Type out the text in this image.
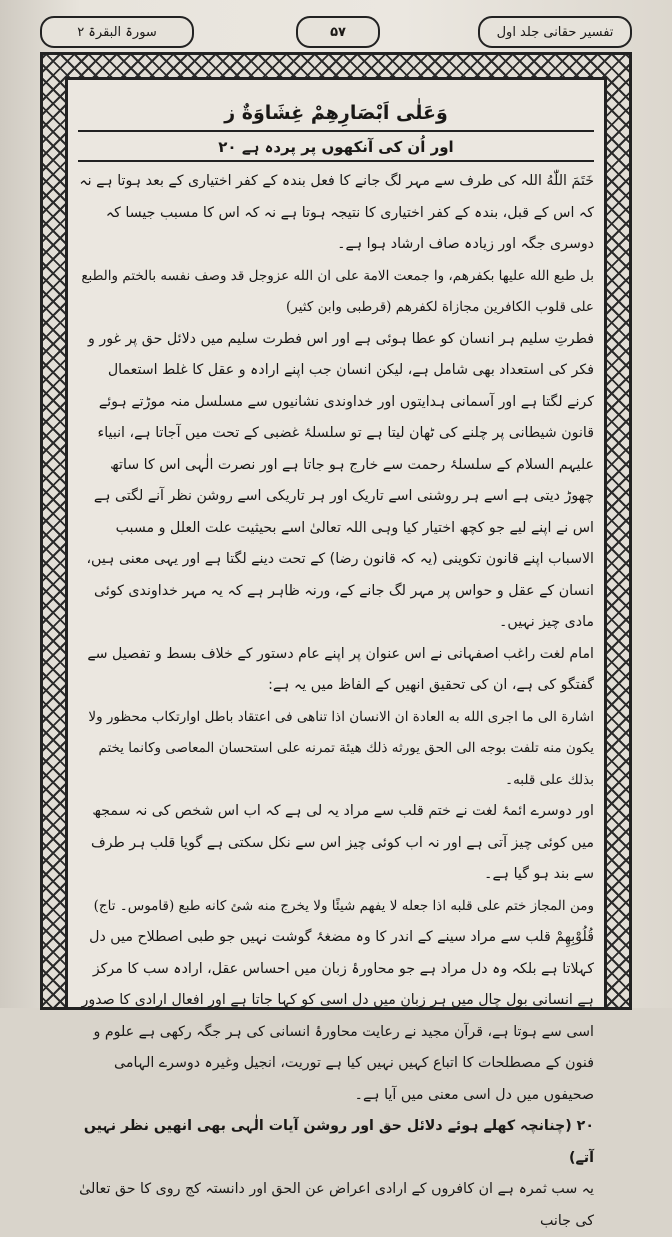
سورۃ البقرۃ ۲	۵۷	تفسیر حقانی جلد اول
وَعَلٰى اَبْصَارِهِمْ غِشَاوَةٌ ز
اور اُن کی آنکھوں پر پردہ ہے ۲۰

خَتَمَ اللّٰهُ اللہ کی طرف سے مہر لگ جانے کا فعل بندہ کے کفر اختیاری کے بعد ہوتا ہے نہ کہ اس کے قبل، بندہ کے کفر اختیاری کا نتیجہ ہوتا ہے نہ کہ اس کا مسبب جیسا کہ دوسری جگہ اور زیادہ صاف ارشاد ہوا ہے۔

بل طبع الله عليها بكفرهم، وا جمعت الامة على ان الله عزوجل قد وصف نفسه بالختم والطبع على قلوب الكافرين مجازاة لكفرهم (قرطبی وابن کثیر)

فطرتِ سلیم ہر انسان کو عطا ہوئی ہے اور اس فطرت سلیم میں دلائل حق پر غور و فکر کی استعداد بھی شامل ہے، لیکن انسان جب اپنے ارادہ و عقل کا غلط استعمال کرنے لگتا ہے اور آسمانی ہدایتوں اور خداوندی نشانیوں سے مسلسل منہ موڑتے ہوئے قانون شیطانی پر چلنے کی ٹھان لیتا ہے تو سلسلۂ غضبی کے تحت میں آجاتا ہے، انبیاء علیہم السلام کے سلسلۂ رحمت سے خارج ہو جاتا ہے اور نصرت الٰہی اس کا ساتھ چھوڑ دیتی ہے اسے ہر روشنی اسے تاریک اور ہر تاریکی اسے روشن نظر آنے لگتی ہے اس نے اپنے لیے جو کچھ اختیار کیا وہی اللہ تعالیٰ اسے بحیثیت علت العلل و مسبب الاسباب اپنے قانون تکوینی (یہ کہ قانون رضا) کے تحت دینے لگتا ہے اور یہی معنی ہیں، انسان کے عقل و حواس پر مہر لگ جانے کے، ورنہ ظاہر ہے کہ یہ مہر خداوندی کوئی مادی چیز نہیں۔

امام لغت راغب اصفہانی نے اس عنوان پر اپنے عام دستور کے خلاف بسط و تفصیل سے گفتگو کی ہے، ان کی تحقیق انھیں کے الفاظ میں یہ ہے:

اشارة الى ما اجرى الله به العادة ان الانسان اذا تناهى فى اعتقاد باطل اوارتكاب محظور ولا يكون منه تلفت بوجه الى الحق يورثه ذلك هيئة تمرنه على استحسان المعاصى وكانما يختم بذلك على قلبه۔

اور دوسرے ائمۂ لغت نے ختم قلب سے مراد یہ لی ہے کہ اب اس شخص کی نہ سمجھ میں کوئی چیز آتی ہے اور نہ اب کوئی چیز اس سے نکل سکتی ہے گویا قلب ہر طرف سے بند ہو گیا ہے۔

ومن المجاز ختم على قلبه اذا جعله لا يفهم شيئًا ولا يخرج منه شئ كانه طبع (قاموس۔ تاج)

قُلُوْبِهِمْ قلب سے مراد سینے کے اندر کا وہ مضغۂ گوشت نہیں جو طبی اصطلاح میں دل کہلاتا ہے بلکہ وہ دل مراد ہے جو محاورۂ زبان میں احساس عقل، ارادہ سب کا مرکز ہے انسانی بول چال میں ہر زبان میں دل اسی کو کہا جاتا ہے اور افعال ارادی کا صدور اسی سے ہوتا ہے، قرآن مجید نے رعایت محاورۂ انسانی کی ہر جگہ رکھی ہے علوم و فنون کے مصطلحات کا اتباع کہیں نہیں کیا ہے توریت، انجیل وغیرہ دوسرے الہامی صحیفوں میں دل اسی معنی میں آیا ہے۔

۲۰ (چنانچہ کھلے ہوئے دلائل حق اور روشن آیات الٰہی بھی انھیں نظر نہیں آتے)

یہ سب ثمرہ ہے ان کافروں کے ارادی اعراض عن الحق اور دانستہ کج روی کا حق تعالیٰ کی جانب
